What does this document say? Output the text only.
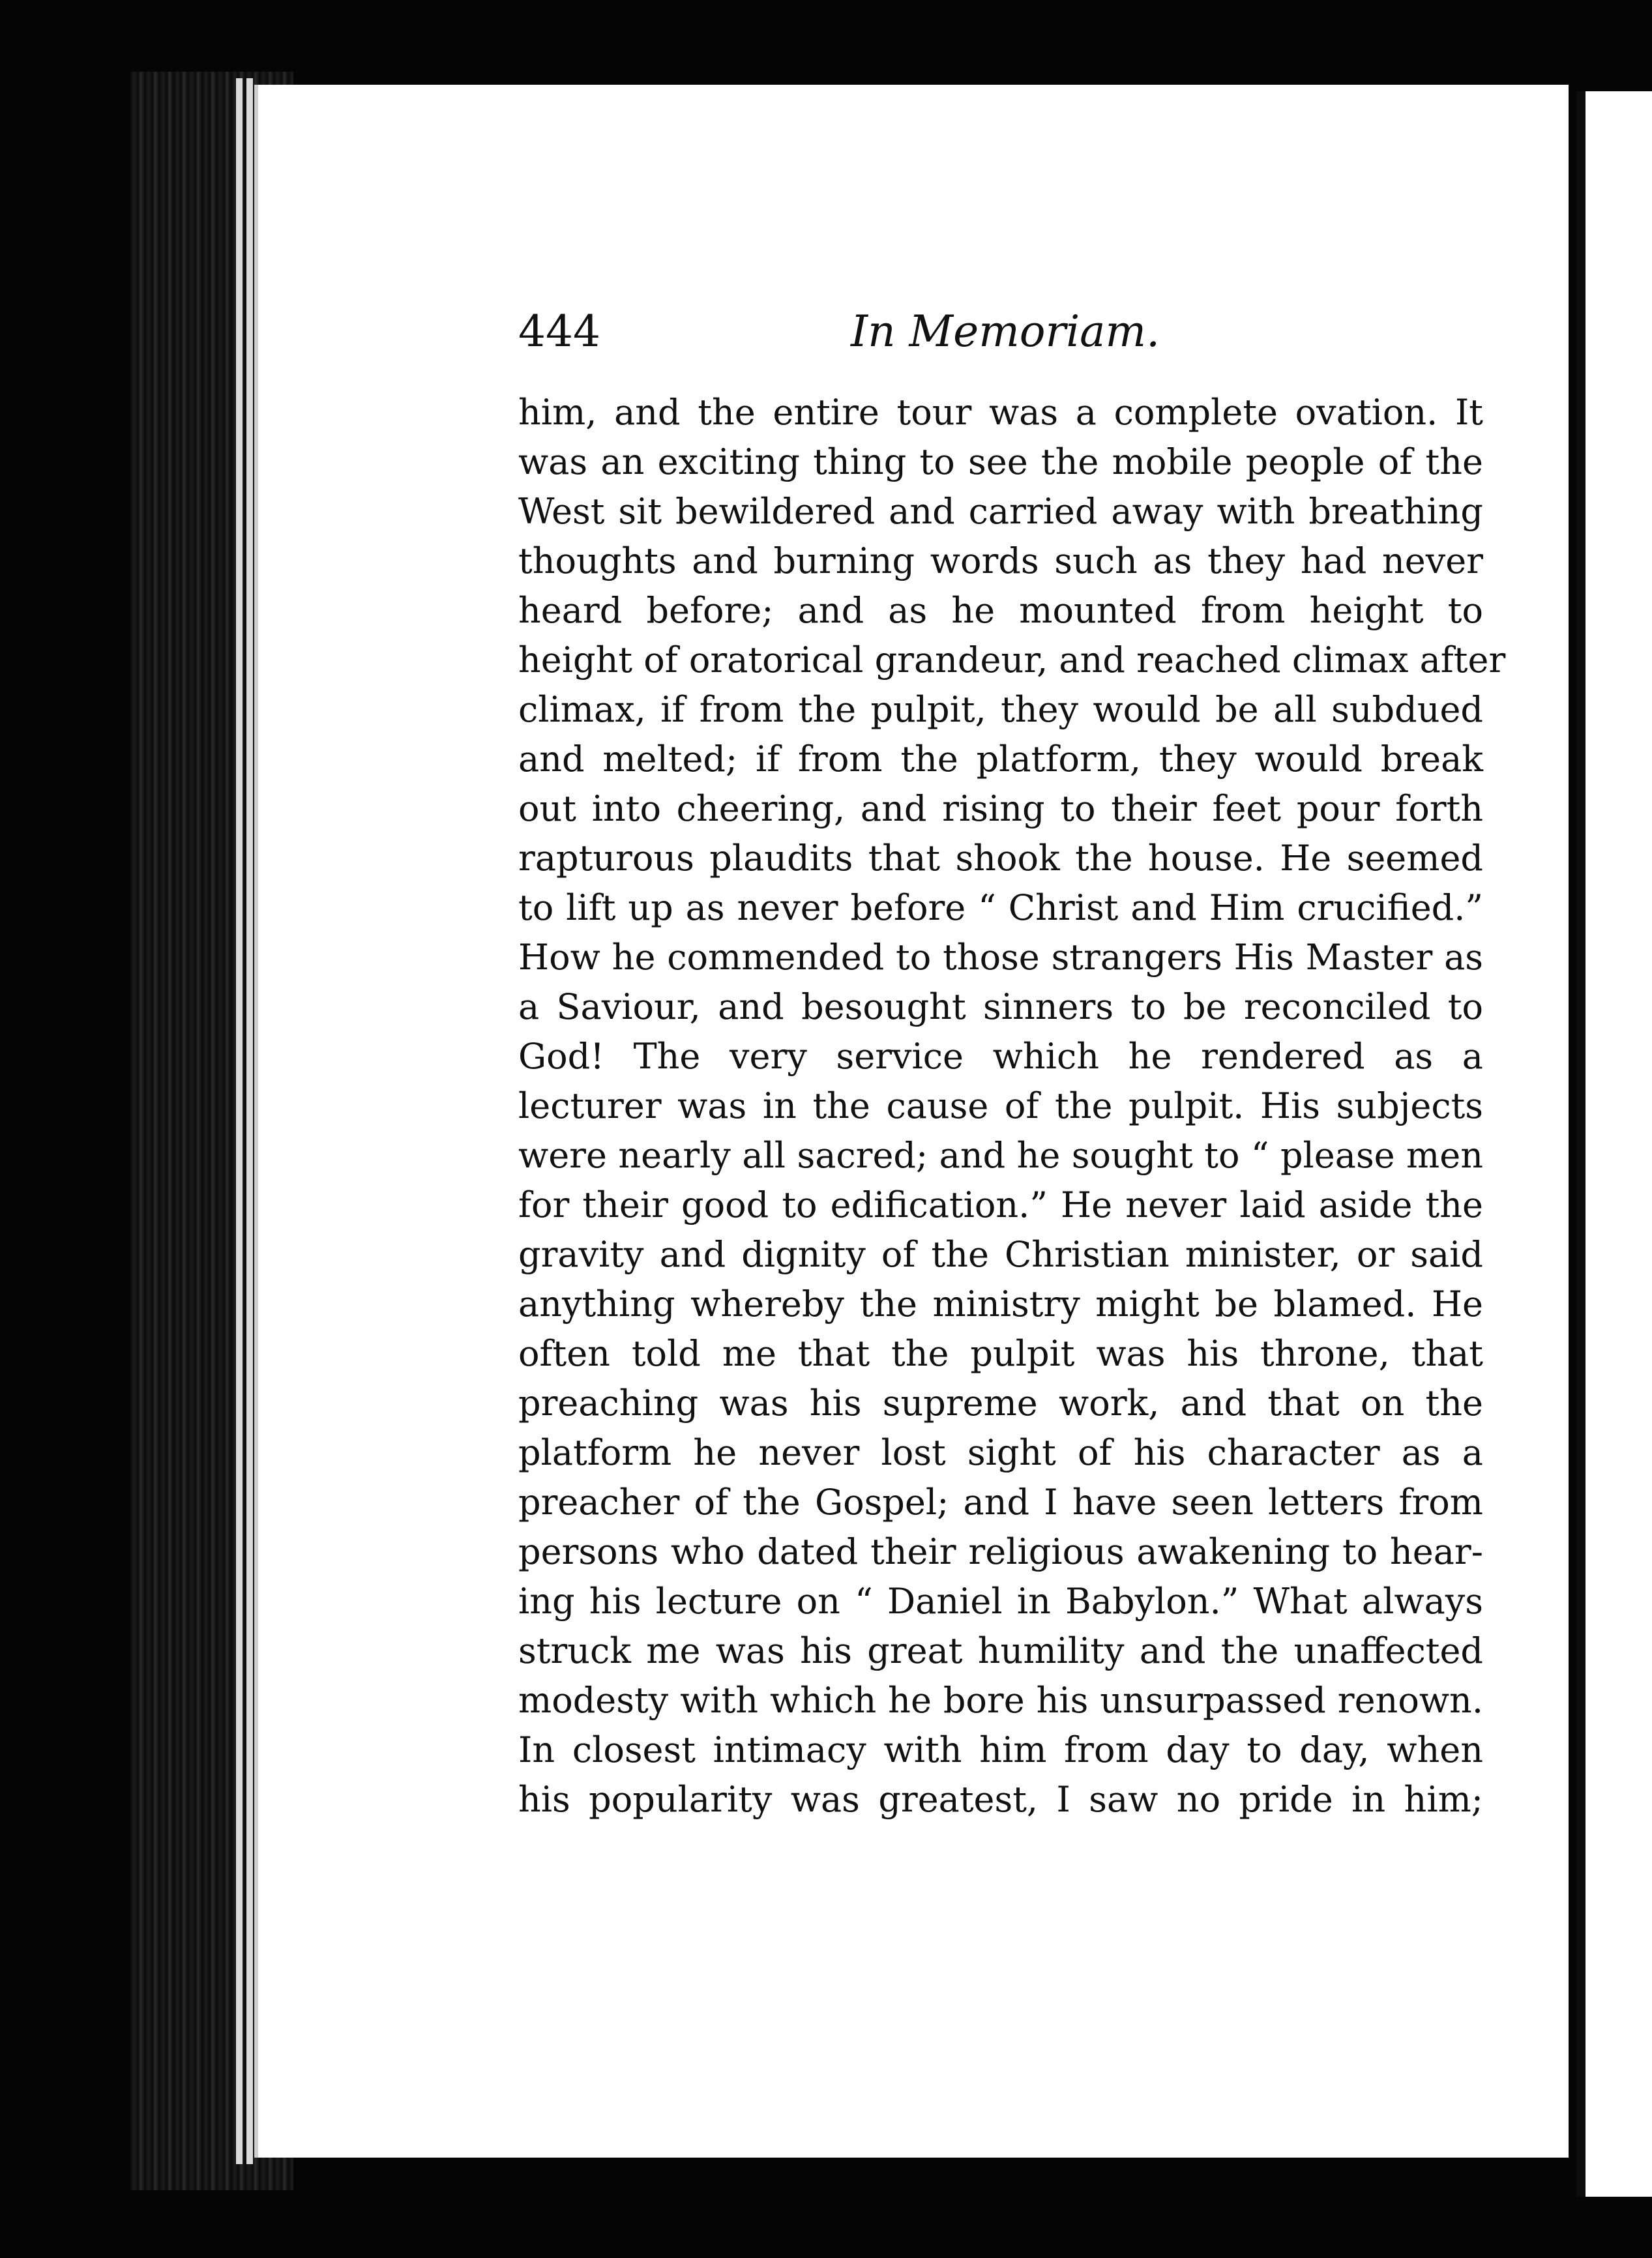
444	In Memoriam.
him, and the entire tour was a complete ovation. It
was an exciting thing to see the mobile people of the
West sit bewildered and carried away with breathing
thoughts and burning words such as they had never
heard before; and as he mounted from height to
height of oratorical grandeur, and reached climax after
climax, if from the pulpit, they would be all subdued
and melted; if from the platform, they would break
out into cheering, and rising to their feet pour forth
rapturous plaudits that shook the house. He seemed
to lift up as never before “ Christ and Him crucified.”
How he commended to those strangers His Master as
a Saviour, and besought sinners to be reconciled to
God! The very service which he rendered as a
lecturer was in the cause of the pulpit. His subjects
were nearly all sacred; and he sought to “ please men
for their good to edification.” He never laid aside the
gravity and dignity of the Christian minister, or said
anything whereby the ministry might be blamed. He
often told me that the pulpit was his throne, that
preaching was his supreme work, and that on the
platform he never lost sight of his character as a
preacher of the Gospel; and I have seen letters from
persons who dated their religious awakening to hear-
ing his lecture on “ Daniel in Babylon.” What always
struck me was his great humility and the unaffected
modesty with which he bore his unsurpassed renown.
In closest intimacy with him from day to day, when
his popularity was greatest, I saw no pride in him;
